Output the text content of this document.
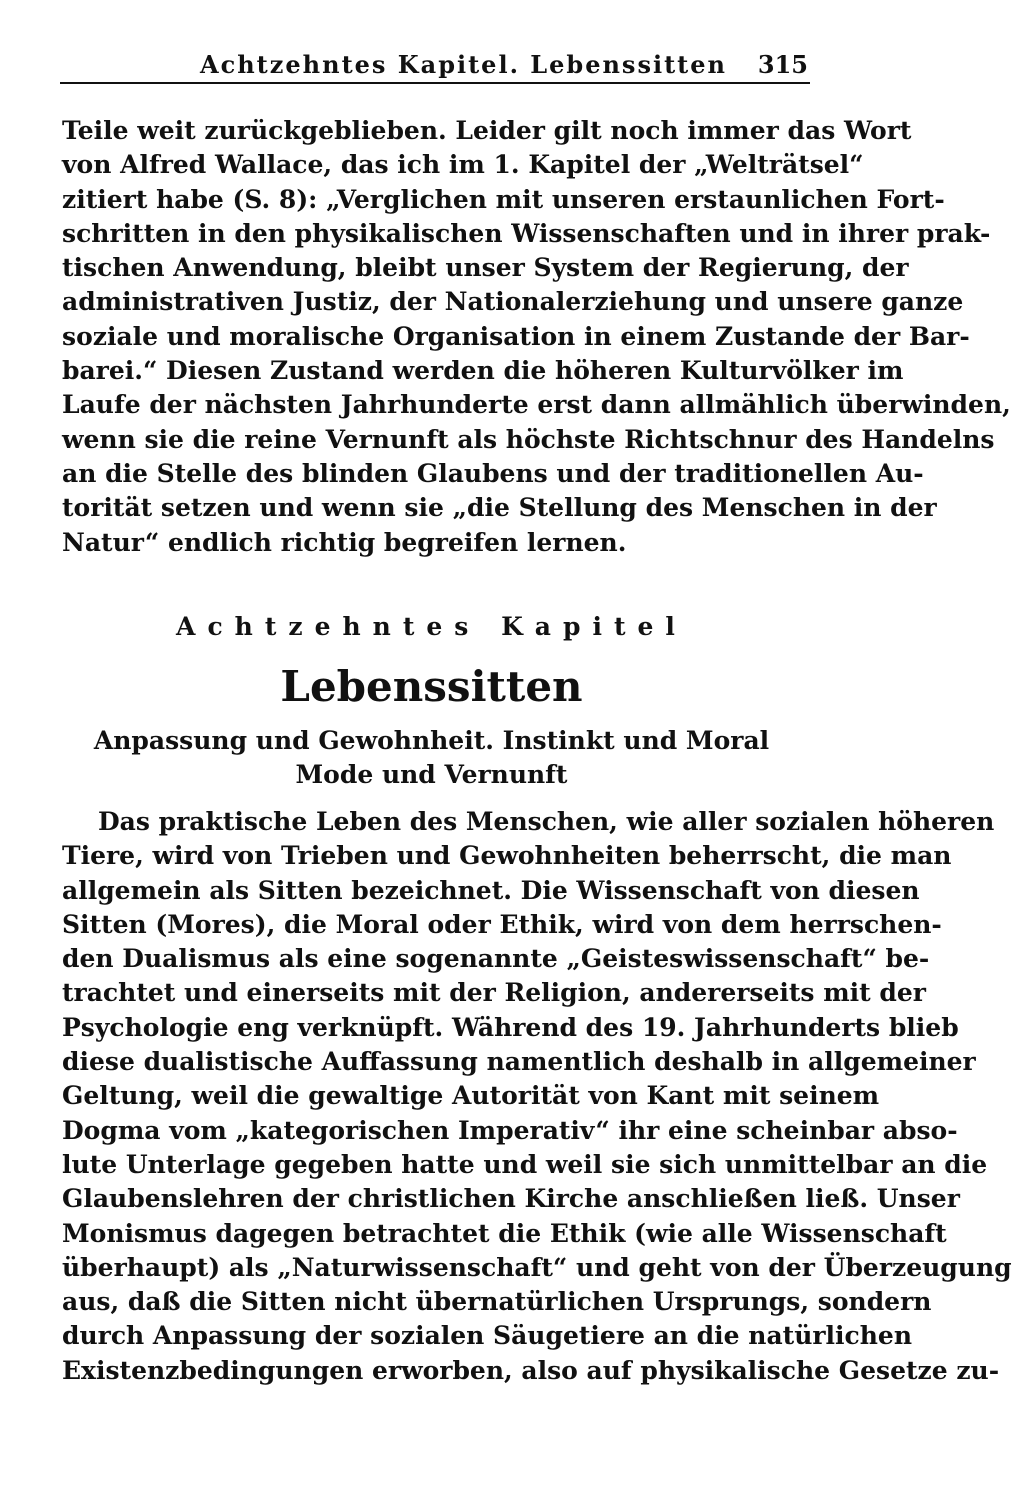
Achtzehntes Kapitel. Lebenssitten 315

Teile weit zurückgeblieben. Leider gilt noch immer das Wort

von Alfred Wallace, das ich im 1. Kapitel der „Welträtsel“

zitiert habe (S. 8): „Verglichen mit unseren erstaunlichen Fort-

schritten in den physikalischen Wissenschaften und in ihrer prak-

tischen Anwendung, bleibt unser System der Regierung, der

administrativen Justiz, der Nationalerziehung und unsere ganze

soziale und moralische Organisation in einem Zustande der Bar-

barei.“ Diesen Zustand werden die höheren Kulturvölker im

Laufe der nächsten Jahrhunderte erst dann allmählich überwinden,

wenn sie die reine Vernunft als höchste Richtschnur des Handelns

an die Stelle des blinden Glaubens und der traditionellen Au-

torität setzen und wenn sie „die Stellung des Menschen in der

Natur“ endlich richtig begreifen lernen.

Achtzehntes Kapitel
Lebenssitten
Anpassung und Gewohnheit. Instinkt und Moral
Mode und Vernunft

Das praktische Leben des Menschen, wie aller sozialen höheren

Tiere, wird von Trieben und Gewohnheiten beherrscht, die man

allgemein als Sitten bezeichnet. Die Wissenschaft von diesen

Sitten (Mores), die Moral oder Ethik, wird von dem herrschen-

den Dualismus als eine sogenannte „Geisteswissenschaft“ be-

trachtet und einerseits mit der Religion, andererseits mit der

Psychologie eng verknüpft. Während des 19. Jahrhunderts blieb

diese dualistische Auffassung namentlich deshalb in allgemeiner

Geltung, weil die gewaltige Autorität von Kant mit seinem

Dogma vom „kategorischen Imperativ“ ihr eine scheinbar abso-

lute Unterlage gegeben hatte und weil sie sich unmittelbar an die

Glaubenslehren der christlichen Kirche anschließen ließ. Unser

Monismus dagegen betrachtet die Ethik (wie alle Wissenschaft

überhaupt) als „Naturwissenschaft“ und geht von der Überzeugung

aus, daß die Sitten nicht übernatürlichen Ursprungs, sondern

durch Anpassung der sozialen Säugetiere an die natürlichen

Existenzbedingungen erworben, also auf physikalische Gesetze zu-
